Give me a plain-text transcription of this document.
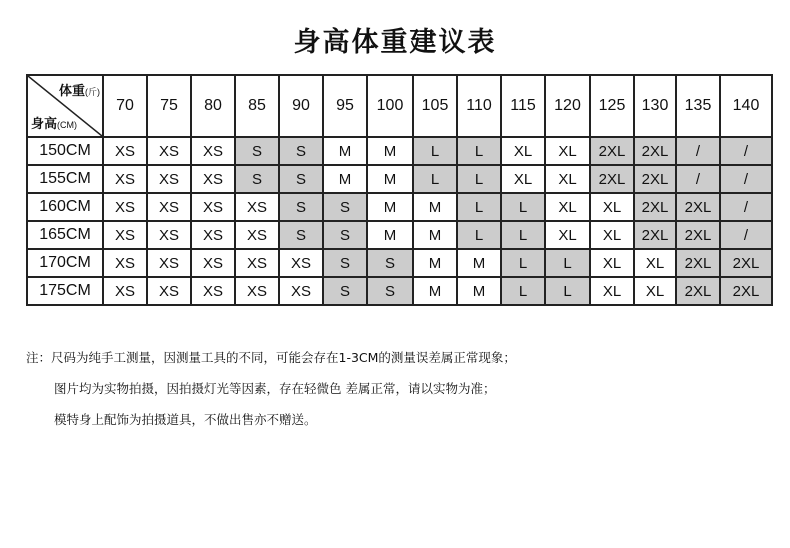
身高体重建议表
体重(斤)
身高(CM)	70	75	80	85	90	95	100	105	110	115	120	125	130	135	140
150CM	XS	XS	XS	S	S	M	M	L	L	XL	XL	2XL	2XL	/	/
155CM	XS	XS	XS	S	S	M	M	L	L	XL	XL	2XL	2XL	/	/
160CM	XS	XS	XS	XS	S	S	M	M	L	L	XL	XL	2XL	2XL	/
165CM	XS	XS	XS	XS	S	S	M	M	L	L	XL	XL	2XL	2XL	/
170CM	XS	XS	XS	XS	XS	S	S	M	M	L	L	XL	XL	2XL	2XL
175CM	XS	XS	XS	XS	XS	S	S	M	M	L	L	XL	XL	2XL	2XL
注：尺码为纯手工测量，因测量工具的不同，可能会存在1-3CM的测量误差属正常现象；
图片均为实物拍摄，因拍摄灯光等因素，存在轻微色 差属正常，请以实物为准；
模特身上配饰为拍摄道具，不做出售亦不赠送。
